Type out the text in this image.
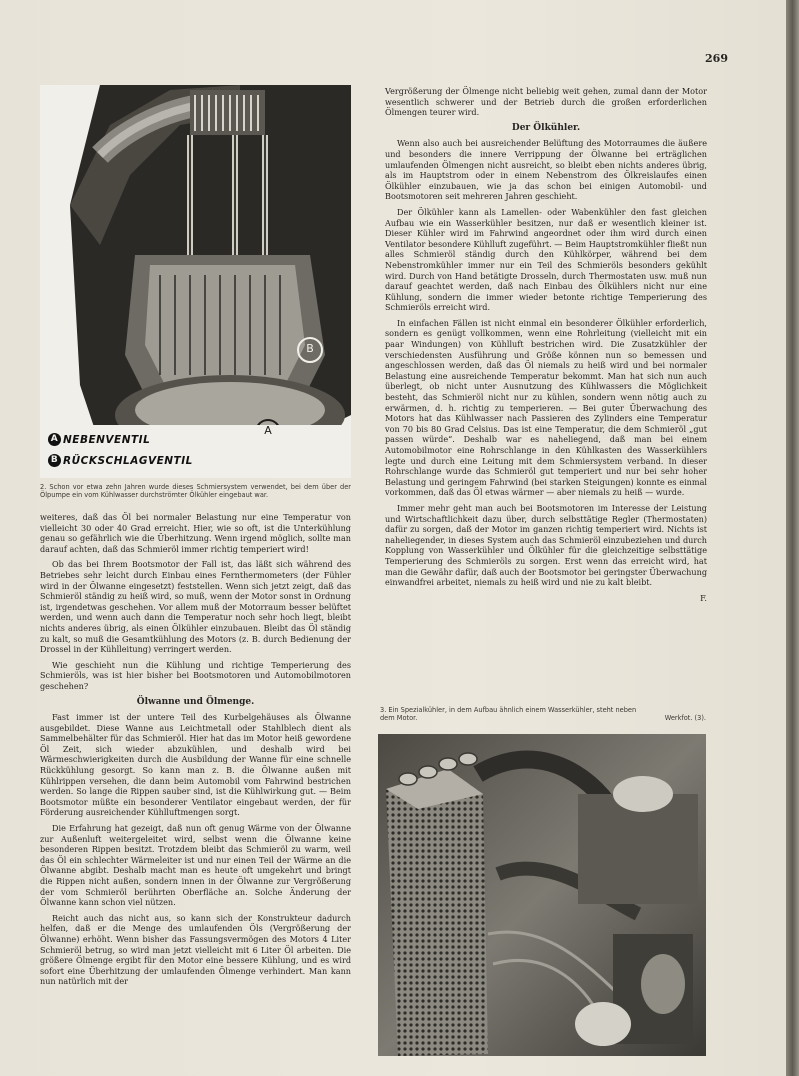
269
A
B
A NEBENVENTIL
B RÜCKSCHLAGVENTIL
2. Schon vor etwa zehn Jahren wurde dieses Schmiersystem verwendet, bei dem über der Ölpumpe ein vom Kühlwasser durchströmter Ölkühler eingebaut war.

weiteres, daß das Öl bei normaler Belastung nur eine Temperatur von vielleicht 30 oder 40 Grad erreicht. Hier, wie so oft, ist die Unterkühlung genau so gefährlich wie die Überhitzung. Wenn irgend möglich, sollte man darauf achten, daß das Schmieröl immer richtig temperiert wird!

Ob das bei Ihrem Bootsmotor der Fall ist, das läßt sich während des Betriebes sehr leicht durch Einbau eines Fernthermometers (der Fühler wird in der Ölwanne eingesetzt) feststellen. Wenn sich jetzt zeigt, daß das Schmieröl ständig zu heiß wird, so muß, wenn der Motor sonst in Ordnung ist, irgendetwas geschehen. Vor allem muß der Motorraum besser belüftet werden, und wenn auch dann die Temperatur noch sehr hoch liegt, bleibt nichts anderes übrig, als einen Ölkühler einzubauen. Bleibt das Öl ständig zu kalt, so muß die Gesamtkühlung des Motors (z. B. durch Bedienung der Drossel in der Kühlleitung) verringert werden.

Wie geschieht nun die Kühlung und richtige Temperierung des Schmieröls, was ist hier bisher bei Bootsmotoren und Automobilmotoren geschehen?

Ölwanne und Ölmenge.

Fast immer ist der untere Teil des Kurbelgehäuses als Ölwanne ausgebildet. Diese Wanne aus Leichtmetall oder Stahlblech dient als Sammelbehälter für das Schmieröl. Hier hat das im Motor heiß gewordene Öl Zeit, sich wieder abzukühlen, und deshalb wird bei Wärmeschwierigkeiten durch die Ausbildung der Wanne für eine schnelle Rückkühlung gesorgt. So kann man z. B. die Ölwanne außen mit Kühlrippen versehen, die dann beim Automobil vom Fahrwind bestrichen werden. So lange die Rippen sauber sind, ist die Kühlwirkung gut. — Beim Bootsmotor müßte ein besonderer Ventilator eingebaut werden, der für Förderung ausreichender Kühlluftmengen sorgt.

Die Erfahrung hat gezeigt, daß nun oft genug Wärme von der Ölwanne zur Außenluft weitergeleitet wird, selbst wenn die Ölwanne keine besonderen Rippen besitzt. Trotzdem bleibt das Schmieröl zu warm, weil das Öl ein schlechter Wärmeleiter ist und nur einen Teil der Wärme an die Ölwanne abgibt. Deshalb macht man es heute oft umgekehrt und bringt die Rippen nicht außen, sondern innen in der Ölwanne zur Vergrößerung der vom Schmieröl berührten Oberfläche an. Solche Änderung der Ölwanne kann schon viel nützen.

Reicht auch das nicht aus, so kann sich der Konstrukteur dadurch helfen, daß er die Menge des umlaufenden Öls (Vergrößerung der Ölwanne) erhöht. Wenn bisher das Fassungsvermögen des Motors 4 Liter Schmieröl betrug, so wird man jetzt vielleicht mit 6 Liter Öl arbeiten. Die größere Ölmenge ergibt für den Motor eine bessere Kühlung, und es wird sofort eine Überhitzung der umlaufenden Ölmenge verhindert. Man kann nun natürlich mit der

Vergrößerung der Ölmenge nicht beliebig weit gehen, zumal dann der Motor wesentlich schwerer und der Betrieb durch die großen erforderlichen Ölmengen teurer wird.

Der Ölkühler.

Wenn also auch bei ausreichender Belüftung des Motorraumes die äußere und besonders die innere Verrippung der Ölwanne bei erträglichen umlaufenden Ölmengen nicht ausreicht, so bleibt eben nichts anderes übrig, als im Hauptstrom oder in einem Nebenstrom des Ölkreislaufes einen Ölkühler einzubauen, wie ja das schon bei einigen Automobil- und Bootsmotoren seit mehreren Jahren geschieht.

Der Ölkühler kann als Lamellen- oder Wabenkühler den fast gleichen Aufbau wie ein Wasserkühler besitzen, nur daß er wesentlich kleiner ist. Dieser Kühler wird im Fahrwind angeordnet oder ihm wird durch einen Ventilator besondere Kühlluft zugeführt. — Beim Hauptstromkühler fließt nun alles Schmieröl ständig durch den Kühlkörper, während bei dem Nebenstromkühler immer nur ein Teil des Schmieröls besonders gekühlt wird. Durch von Hand betätigte Drosseln, durch Thermostaten usw. muß nun darauf geachtet werden, daß nach Einbau des Ölkühlers nicht nur eine Kühlung, sondern die immer wieder betonte richtige Temperierung des Schmieröls erreicht wird.

In einfachen Fällen ist nicht einmal ein besonderer Ölkühler erforderlich, sondern es genügt vollkommen, wenn eine Rohrleitung (vielleicht mit ein paar Windungen) von Kühlluft bestrichen wird. Die Zusatzkühler der verschiedensten Ausführung und Größe können nun so bemessen und angeschlossen werden, daß das Öl niemals zu heiß wird und bei normaler Belastung eine ausreichende Temperatur bekommt. Man hat sich nun auch überlegt, ob nicht unter Ausnutzung des Kühlwassers die Möglichkeit besteht, das Schmieröl nicht nur zu kühlen, sondern wenn nötig auch zu erwärmen, d. h. richtig zu temperieren. — Bei guter Überwachung des Motors hat das Kühlwasser nach Passieren des Zylinders eine Temperatur von 70 bis 80 Grad Celsius. Das ist eine Temperatur, die dem Schmieröl „gut passen würde“. Deshalb war es naheliegend, daß man bei einem Automobilmotor eine Rohrschlange in den Kühlkasten des Wasserkühlers legte und durch eine Leitung mit dem Schmiersystem verband. In dieser Rohrschlange wurde das Schmieröl gut temperiert und nur bei sehr hoher Belastung und geringem Fahrwind (bei starken Steigungen) konnte es einmal vorkommen, daß das Öl etwas wärmer — aber niemals zu heiß — wurde.

Immer mehr geht man auch bei Bootsmotoren im Interesse der Leistung und Wirtschaftlichkeit dazu über, durch selbsttätige Regler (Thermostaten) dafür zu sorgen, daß der Motor im ganzen richtig temperiert wird. Nichts ist naheliegender, in dieses System auch das Schmieröl einzubeziehen und durch Kopplung von Wasserkühler und Ölkühler für die gleichzeitige selbsttätige Temperierung des Schmieröls zu sorgen. Erst wenn das erreicht wird, hat man die Gewähr dafür, daß auch der Bootsmotor bei geringster Überwachung einwandfrei arbeitet, niemals zu heiß wird und nie zu kalt bleibt.

F.

3. Ein Spezialkühler, in dem Aufbau ähnlich einem Wasserkühler, steht neben
dem Motor.	Werkfot. (3).
